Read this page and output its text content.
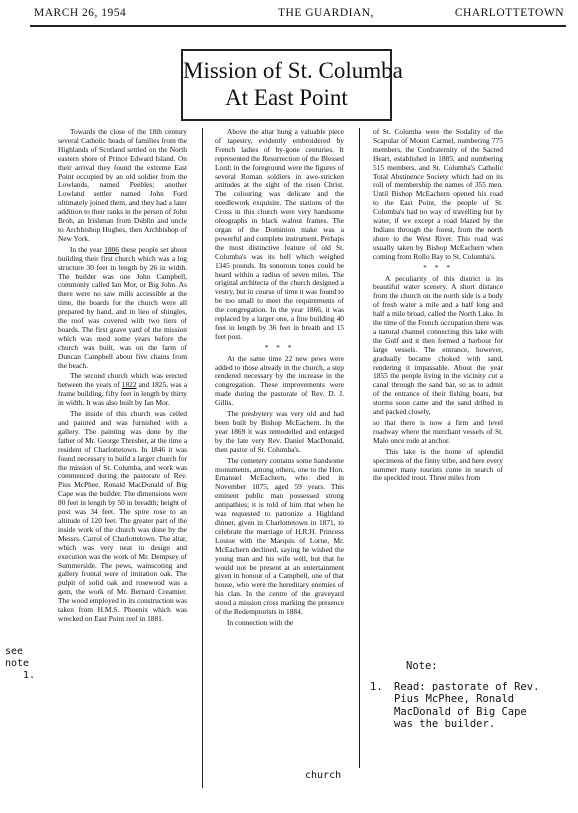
MARCH 26, 1954	THE GUARDIAN,	CHARLOTTETOWN
Mission of St. Columba
At East Point

Towards the close of the 18th century several Catholic heads of families from the Highlands of Scotland settled on the North eastern shore of Prince Edward Island. On their arrival they found the extreme East Point occupied by an old soldier from the Lowlands, named Peebles; another Lowland settler named John Ford ultimately joined them, and they had a later addition to their ranks in the person of John Broh, an Irishman from Dublin and uncle to Archbishop Hughes, then Archbishop of New York.

In the year 1806 these people set about building their first church which was a log structure 30 feet in length by 26 in width. The builder was one John Campbell, commonly called Ian Mor, or Big John. As there were no saw mills accessible at the time, the boards for the church were all prepared by hand, and in lieu of shingles, the roof was covered with two tiers of boards. The first grave yard of the mission which was used some years before the church was built, was on the farm of Duncan Campbell about five chains from the beach.

The second church which was erected between the years of 1822 and 1825, was a frame building, fifty feet in length by thirty in width. It was also built by Ian Mor.

The inside of this church was ceiled and painted and was furnished with a gallery. The painting was done by the father of Mr. George Thresher, at the time a resident of Charlottetown. In 1846 it was found necessary to build a larger church for the mission of St. Columba, and work was commenced during the pastorate of Rev. Pius McPhee. Ronald MacDonald of Big Cape was the builder. The dimensions were 80 feet in length by 50 in breadth; height of post was 34 feet. The spire rose to an altitude of 120 feet. The greater part of the inside work of the church was done by the Messrs. Carrol of Charlottetown. The altar, which was very neat in design and execution was the work of Mr. Dempsey of Summerside. The pews, wainscoting and gallery frontal were of imitation oak. The pulpit of solid oak and rosewood was a gem, the work of Mr. Bernard Creamier. The wood employed in its construction was taken from H.M.S. Phoenix which was wrecked on East Point reef in 1881.

Above the altar hung a valuable piece of tapestry, evidently embroidered by French ladies of by-gone centuries. It represented the Resurrection of the Blessed Lord; in the foreground were the figures of several Roman soldiers in awe-stricken attitudes at the sight of the risen Christ. The colouring was delicate and the needlework exquisite. The stations of the Cross in this church were very handsome oleographs in black walnut frames. The organ of the Dominion make was a powerful and complete instrument. Perhaps the most distinctive feature of old St. Columba's was its bell which weighed 1345 pounds. Its sonorous tones could be heard within a radius of seven miles. The original architecta of the church designed a vestry, but in course of time it was found to be too small to meet the requirements of the congregation. In the year 1866, it was replaced by a larger one, a fine building 40 feet in length by 36 feet in breath and 15 feet post.

* * *

At the same time 22 new pews were added to those already in the church, a step rendered necessary by the increase in the congregation. These improvements were made during the pastorate of Rev. D. J. Gillis.

The presbytery was very old and had been built by Bishop McEachern. In the year 1869 it was remodelled and enlarged by the late very Rev. Daniel MacDonald, then pastor of St. Columba's.

The cemetery contains some handsome monuments, among others, one to the Hon. Emanuel McEachern, who died in November 1875, aged 59 years. This eminent public man possessed strong antipathies; it is told of him that when he was requested to patronize a Highland dinner, given in Charlottetown in 1871, to celebrate the marriage of H.R.H. Princess Louise with the Marquis of Lorne, Mr. McEachern declined, saying he wished the young man and his wife well, but that he would not be present at an entertainment given in honour of a Campbell, one of that house, who were the hereditary enemies of his clan. In the centre of the graveyard stood a mission cross marking the presence of the Redemptorists in 1884.

In connection with the

of St. Columba were the Sodality of the Scapular of Mount Carmel, numbering 775 members, the Confraternity of the Sacred Heart, established in 1885, and numbering 515 members, and St. Columba's Catholic Total Abstinence Society which had on its roll of membership the names of 355 men. Until Bishop McEachern opened his road to the East Point, the people of St. Columba's had no way of travelling but by water, if we except a road blazed by the Indians through the forest, from the north shore to the West River. This road was usually taken by Bishop McEachern when coming from Rollo Bay to St. Columba's.

* * *

A peculiarity of this district is its beautiful water scenery. A short distance from the church on the north side is a body of fresh water a mile and a half long and half a mile broad, called the North Lake. In the time of the French occupation there was a natural channel connecting this lake with the Gulf and it then formed a harbour for large vessels. The entrance, however, gradually became choked with sand, rendering it impassable. About the year 1855 the people living in the vicinity cut a canal through the sand bar, so as to admit of the entrance of their fishing boats, but storms soon came and the sand drifted in and packed closely,

so that there is now a firm and level roadway where the merchant vessels of St. Malo once rode at anchor.

This lake is the home of splendid specimens of the finny tribe, and here every summer many tourists come in search of the speckled trout. Three miles from

see
note
1.
church
Note:
1.	Read: pastorate of Rev.
Pius McPhee, Ronald
MacDonald of Big Cape
was the builder.
